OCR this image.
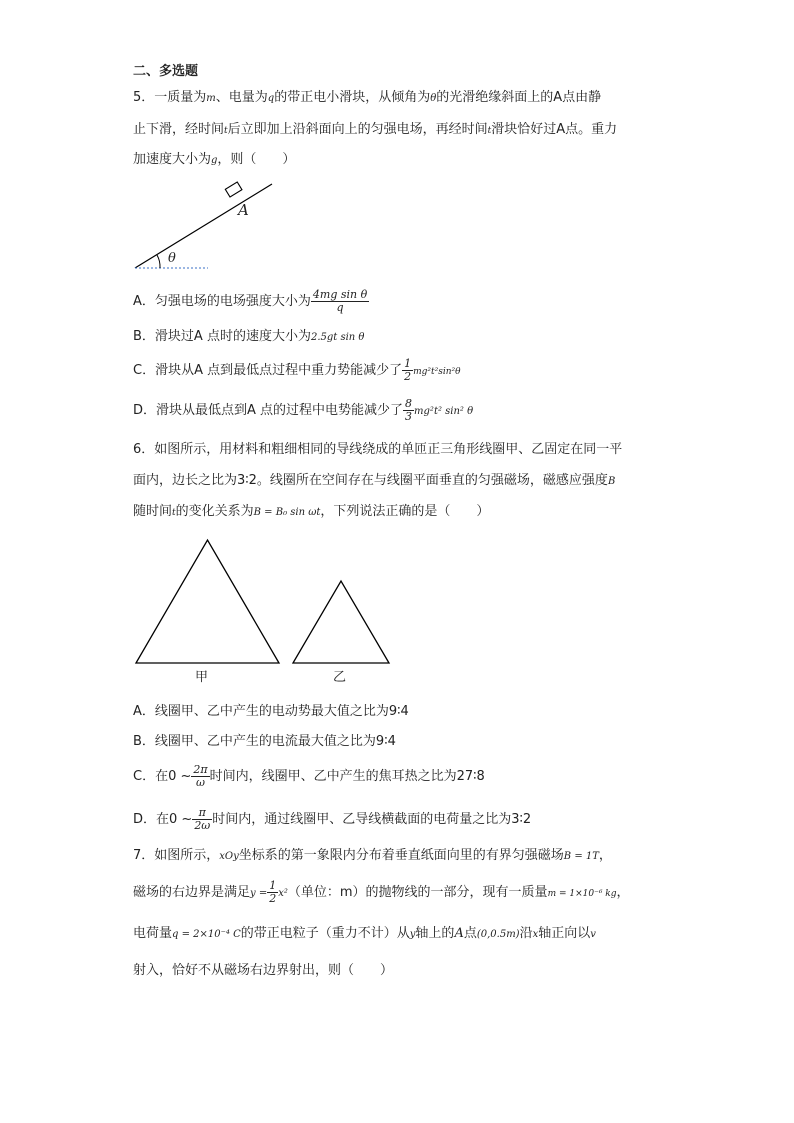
二、多选题
5．一质量为m、电量为q的带正电小滑块，从倾角为θ的光滑绝缘斜面上的A点由静
止下滑，经时间t后立即加上沿斜面向上的匀强电场，再经时间t滑块恰好过A点。重力
加速度大小为g，则（　　）
A
θ
A．匀强电场的电场强度大小为 $\frac{\text{4mg sin θ}}{q}$
B．滑块过A 点时的速度大小为2.5gt sin θ
C．滑块从A 点到最低点过程中重力势能减少了 $\frac{1}{2} mg^2t^2\sin^2\theta$
D．滑块从最低点到A 点的过程中电势能减少了 $\frac{8}{3} mg^2t^2$ sin² θ
6．如图所示，用材料和粗细相同的导线绕成的单匝正三角形线圈甲、乙固定在同一平
面内，边长之比为3∶2。线圈所在空间存在与线圈平面垂直的匀强磁场，磁感应强度B
随时间t的变化关系为B = B₀ sin ωt，下列说法正确的是（　　）
甲	乙
A．线圈甲、乙中产生的电动势最大值之比为9∶4
B．线圈甲、乙中产生的电流最大值之比为9∶4
C．在0 ~ $\frac{2\pi}{\omega}$ 时间内，线圈甲、乙中产生的焦耳热之比为27∶8
D．在0 ~ $\frac{\pi}{2\omega}$ 时间内，通过线圈甲、乙导线横截面的电荷量之比为3∶2
7．如图所示，xOy坐标系的第一象限内分布着垂直纸面向里的有界匀强磁场B = 1T，
磁场的右边界是满足$y = \frac{1}{2} x^2$（单位：m）的抛物线的一部分，现有一质量m = 1×10⁻⁶ kg，
电荷量q = 2×10⁻⁴ C的带正电粒子（重力不计）从y轴上的A点(0,0.5m)沿x轴正向以v
射入，恰好不从磁场右边界射出，则（　　）
